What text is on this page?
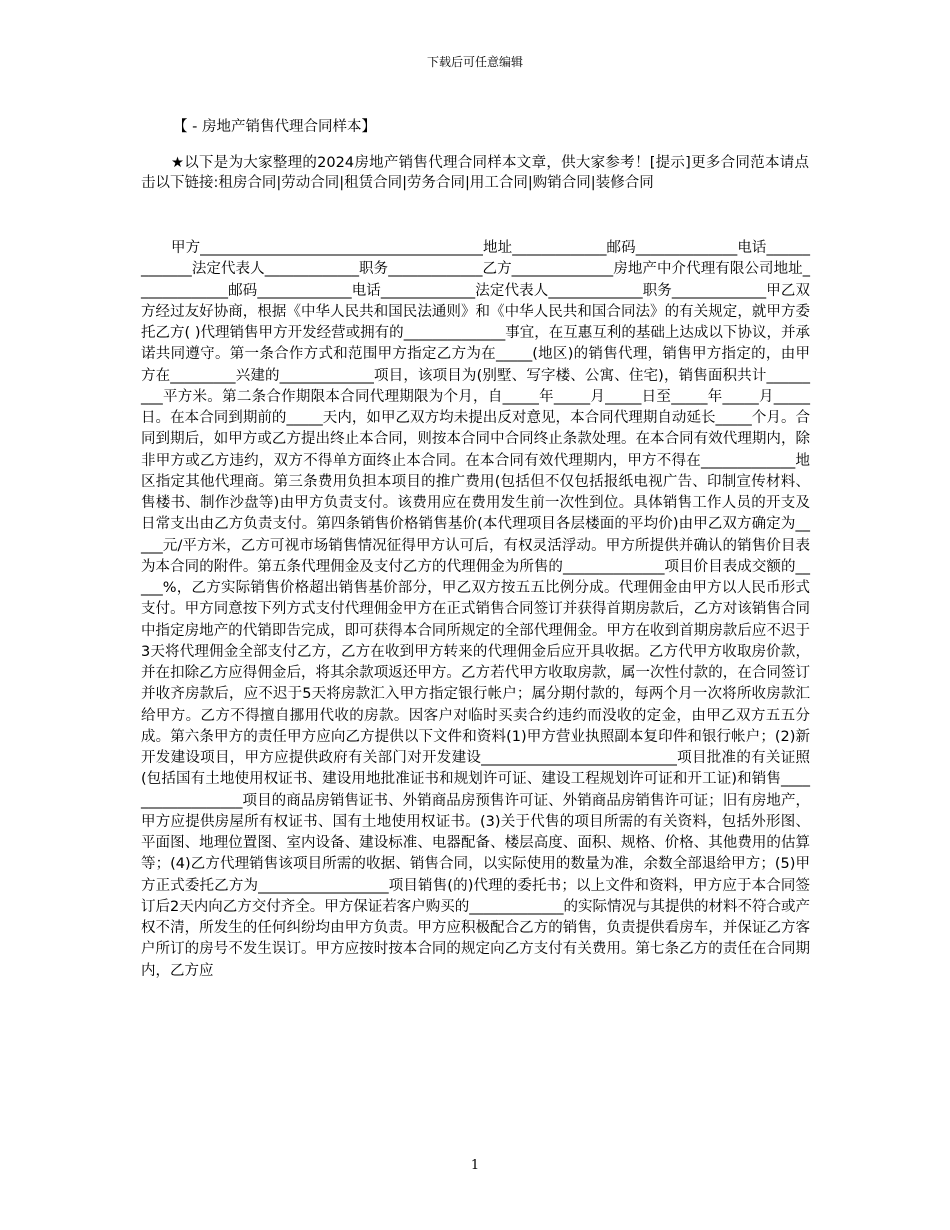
下载后可任意编辑
【 - 房地产销售代理合同样本】
★以下是为大家整理的2024房地产销售代理合同样本文章，供大家参考！[提示]更多合同范本请点击以下链接:租房合同|劳动合同|租赁合同|劳务合同|用工合同|购销合同|装修合同
甲方_______________________________________地址_____________邮码______________电话_____________法定代表人_____________职务_____________乙方______________房地产中介代理有限公司地址_____________邮码_____________电话_____________法定代表人_____________职务_____________甲乙双方经过友好协商，根据《中华人民共和国民法通则》和《中华人民共和国合同法》的有关规定，就甲方委托乙方( )代理销售甲方开发经营或拥有的______________事宜，在互惠互利的基础上达成以下协议，并承诺共同遵守。第一条合作方式和范围甲方指定乙方为在_____(地区)的销售代理，销售甲方指定的，由甲方在_________兴建的_____________项目，该项目为(别墅、写字楼、公寓、住宅)，销售面积共计_________平方米。第二条合作期限本合同代理期限为个月，自_____年_____月_____日至_____年_____月_____日。在本合同到期前的_____天内，如甲乙双方均未提出反对意见，本合同代理期自动延长_____个月。合同到期后，如甲方或乙方提出终止本合同，则按本合同中合同终止条款处理。在本合同有效代理期内，除非甲方或乙方违约，双方不得单方面终止本合同。在本合同有效代理期内，甲方不得在_____________地区指定其他代理商。第三条费用负担本项目的推广费用(包括但不仅包括报纸电视广告、印制宣传材料、售楼书、制作沙盘等)由甲方负责支付。该费用应在费用发生前一次性到位。具体销售工作人员的开支及日常支出由乙方负责支付。第四条销售价格销售基价(本代理项目各层楼面的平均价)由甲乙双方确定为_____元/平方米，乙方可视市场销售情况征得甲方认可后，有权灵活浮动。甲方所提供并确认的销售价目表为本合同的附件。第五条代理佣金及支付乙方的代理佣金为所售的______________项目价目表成交额的_____%，乙方实际销售价格超出销售基价部分，甲乙双方按五五比例分成。代理佣金由甲方以人民币形式支付。甲方同意按下列方式支付代理佣金甲方在正式销售合同签订并获得首期房款后，乙方对该销售合同中指定房地产的代销即告完成，即可获得本合同所规定的全部代理佣金。甲方在收到首期房款后应不迟于3天将代理佣金全部支付乙方，乙方在收到甲方转来的代理佣金后应开具收据。乙方代甲方收取房价款，并在扣除乙方应得佣金后，将其余款项返还甲方。乙方若代甲方收取房款，属一次性付款的，在合同签订并收齐房款后，应不迟于5天将房款汇入甲方指定银行帐户；属分期付款的，每两个月一次将所收房款汇给甲方。乙方不得擅自挪用代收的房款。因客户对临时买卖合约违约而没收的定金，由甲乙双方五五分成。第六条甲方的责任甲方应向乙方提供以下文件和资料(1)甲方营业执照副本复印件和银行帐户；(2)新开发建设项目，甲方应提供政府有关部门对开发建设___________________________项目批准的有关证照(包括国有土地使用权证书、建设用地批准证书和规划许可证、建设工程规划许可证和开工证)和销售__________________项目的商品房销售证书、外销商品房预售许可证、外销商品房销售许可证；旧有房地产，甲方应提供房屋所有权证书、国有土地使用权证书。(3)关于代售的项目所需的有关资料，包括外形图、平面图、地理位置图、室内设备、建设标准、电器配备、楼层高度、面积、规格、价格、其他费用的估算等；(4)乙方代理销售该项目所需的收据、销售合同，以实际使用的数量为准，余数全部退给甲方；(5)甲方正式委托乙方为__________________项目销售(的)代理的委托书；以上文件和资料，甲方应于本合同签订后2天内向乙方交付齐全。甲方保证若客户购买的_____________的实际情况与其提供的材料不符合或产权不清，所发生的任何纠纷均由甲方负责。甲方应积极配合乙方的销售，负责提供看房车，并保证乙方客户所订的房号不发生误订。甲方应按时按本合同的规定向乙方支付有关费用。第七条乙方的责任在合同期内，乙方应
1
